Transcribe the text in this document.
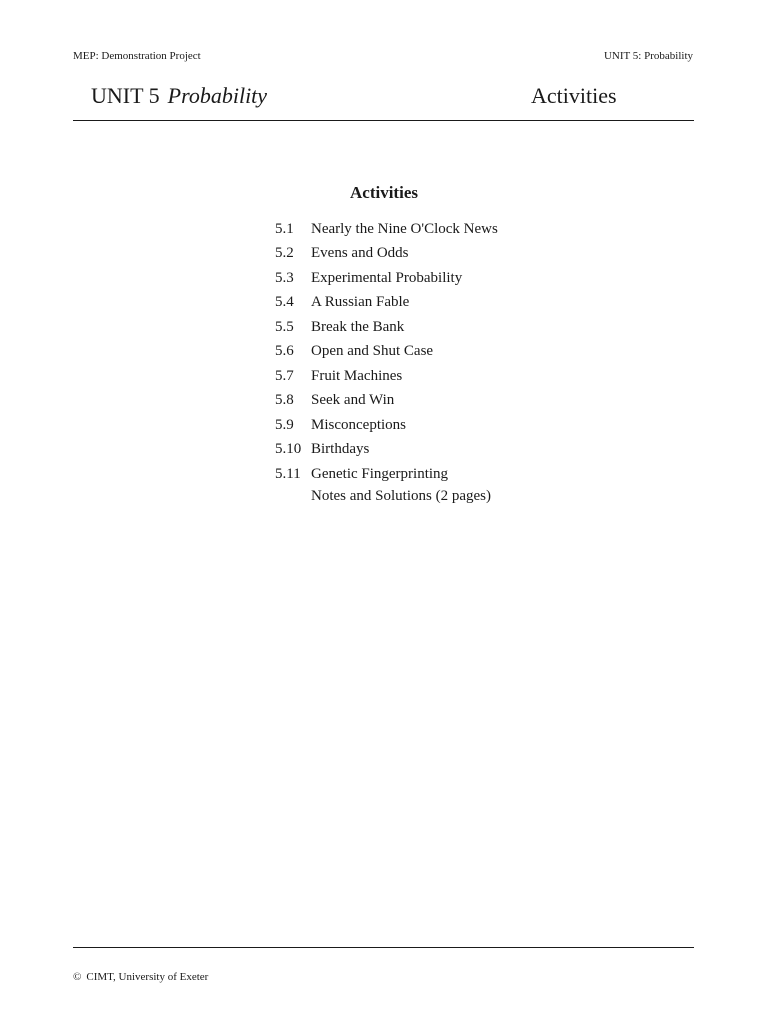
MEP: Demonstration Project	UNIT 5: Probability
UNIT 5 Probability	Activities
Activities
5.1	Nearly the Nine O'Clock News
5.2	Evens and Odds
5.3	Experimental Probability
5.4	A Russian Fable
5.5	Break the Bank
5.6	Open and Shut Case
5.7	Fruit Machines
5.8	Seek and Win
5.9	Misconceptions
5.10 Birthdays
5.11 Genetic Fingerprinting
Notes and Solutions (2 pages)
© CIMT, University of Exeter
